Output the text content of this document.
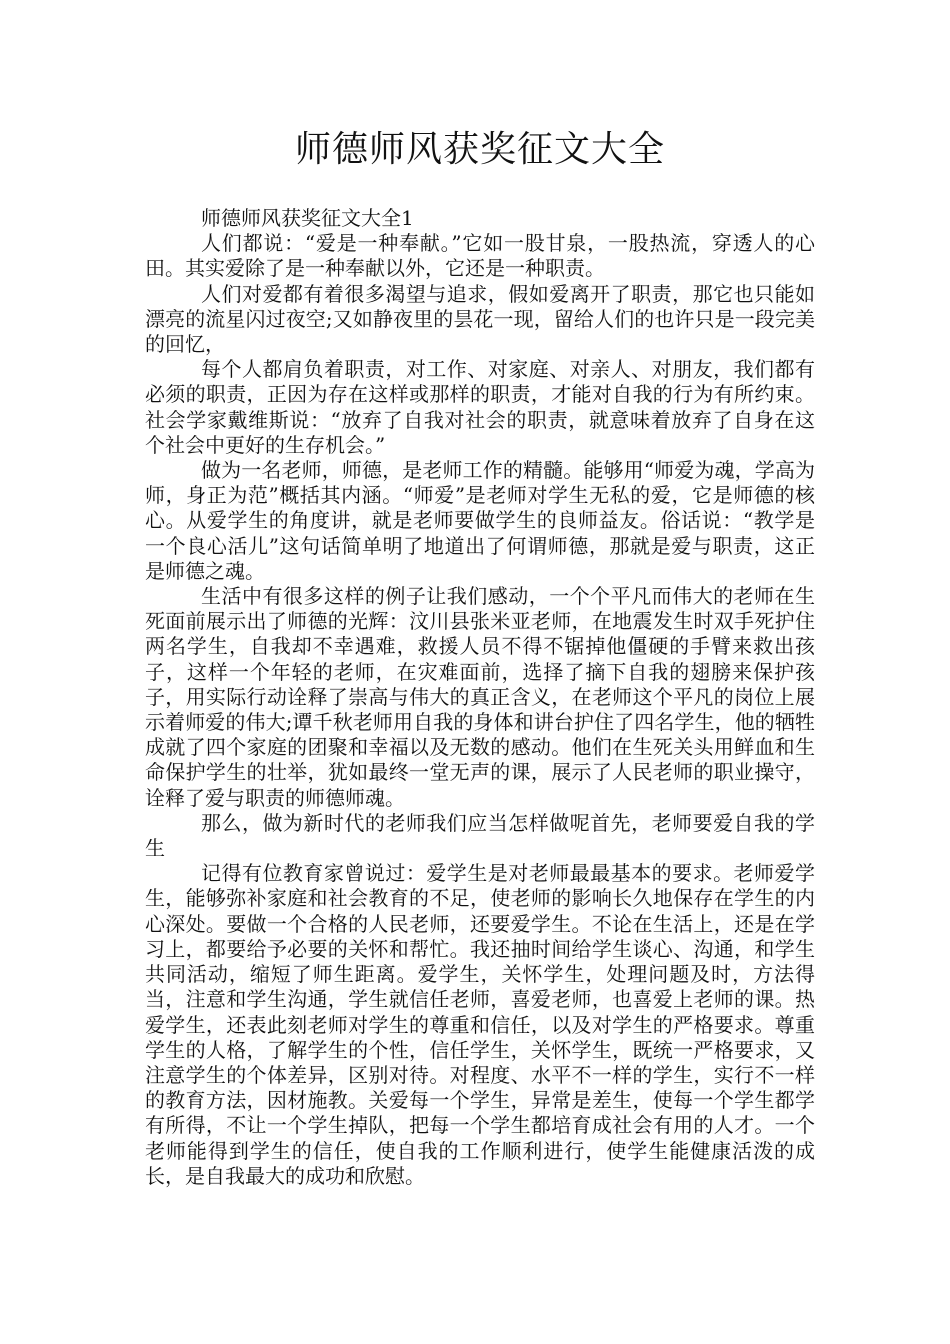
师德师风获奖征文大全

师德师风获奖征文大全1

人们都说：“爱是一种奉献。”它如一股甘泉，一股热流，穿透人的心田。其实爱除了是一种奉献以外，它还是一种职责。

人们对爱都有着很多渴望与追求，假如爱离开了职责，那它也只能如漂亮的流星闪过夜空;又如静夜里的昙花一现，留给人们的也许只是一段完美的回忆，

每个人都肩负着职责，对工作、对家庭、对亲人、对朋友，我们都有必须的职责，正因为存在这样或那样的职责，才能对自我的行为有所约束。社会学家戴维斯说：“放弃了自我对社会的职责，就意味着放弃了自身在这个社会中更好的生存机会。”

做为一名老师，师德，是老师工作的精髓。能够用“师爱为魂，学高为师，身正为范”概括其内涵。“师爱”是老师对学生无私的爱，它是师德的核心。从爱学生的角度讲，就是老师要做学生的良师益友。俗话说：“教学是一个良心活儿”这句话简单明了地道出了何谓师德，那就是爱与职责，这正是师德之魂。

生活中有很多这样的例子让我们感动，一个个平凡而伟大的老师在生死面前展示出了师德的光辉：汶川县张米亚老师，在地震发生时双手死护住两名学生，自我却不幸遇难，救援人员不得不锯掉他僵硬的手臂来救出孩子，这样一个年轻的老师，在灾难面前，选择了摘下自我的翅膀来保护孩子，用实际行动诠释了崇高与伟大的真正含义，在老师这个平凡的岗位上展示着师爱的伟大;谭千秋老师用自我的身体和讲台护住了四名学生，他的牺牲成就了四个家庭的团聚和幸福以及无数的感动。他们在生死关头用鲜血和生命保护学生的壮举，犹如最终一堂无声的课，展示了人民老师的职业操守，诠释了爱与职责的师德师魂。

那么，做为新时代的老师我们应当怎样做呢首先，老师要爱自我的学生

记得有位教育家曾说过：爱学生是对老师最最基本的要求。老师爱学生，能够弥补家庭和社会教育的不足，使老师的影响长久地保存在学生的内心深处。要做一个合格的人民老师，还要爱学生。不论在生活上，还是在学习上，都要给予必要的关怀和帮忙。我还抽时间给学生谈心、沟通，和学生共同活动，缩短了师生距离。爱学生，关怀学生，处理问题及时，方法得当，注意和学生沟通，学生就信任老师，喜爱老师，也喜爱上老师的课。热爱学生，还表此刻老师对学生的尊重和信任，以及对学生的严格要求。尊重学生的人格，了解学生的个性，信任学生，关怀学生，既统一严格要求，又注意学生的个体差异，区别对待。对程度、水平不一样的学生，实行不一样的教育方法，因材施教。关爱每一个学生，异常是差生，使每一个学生都学有所得，不让一个学生掉队，把每一个学生都培育成社会有用的人才。一个老师能得到学生的信任，使自我的工作顺利进行，使学生能健康活泼的成长，是自我最大的成功和欣慰。
